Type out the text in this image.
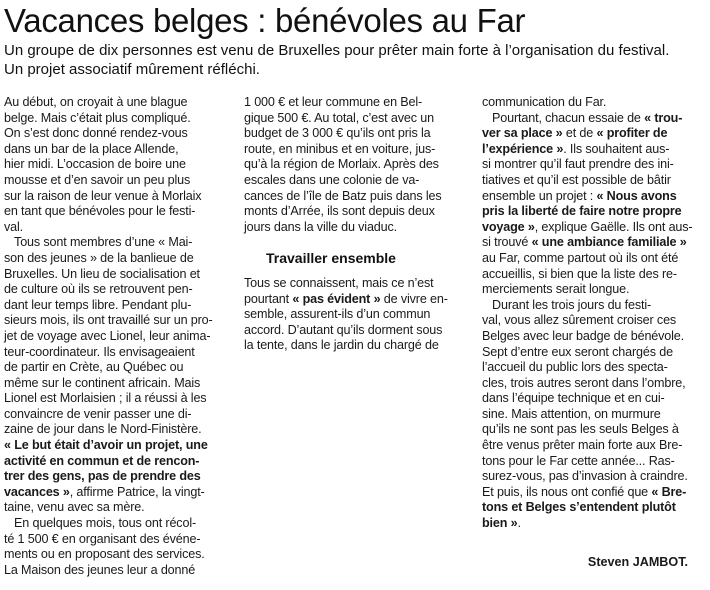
Vacances belges : bénévoles au Far
Un groupe de dix personnes est venu de Bruxelles pour prêter main forte à l’organisation du festival.
Un projet associatif mûrement réfléchi.
Au début, on croyait à une blague
belge. Mais c’était plus compliqué.
On s’est donc donné rendez-vous
dans un bar de la place Allende,
hier midi. L’occasion de boire une
mousse et d’en savoir un peu plus
sur la raison de leur venue à Morlaix
en tant que bénévoles pour le festi-
val.
Tous sont membres d’une « Mai-
son des jeunes » de la banlieue de
Bruxelles. Un lieu de socialisation et
de culture où ils se retrouvent pen-
dant leur temps libre. Pendant plu-
sieurs mois, ils ont travaillé sur un pro-
jet de voyage avec Lionel, leur anima-
teur-coordinateur. Ils envisageaient
de partir en Crète, au Québec ou
même sur le continent africain. Mais
Lionel est Morlaisien ; il a réussi à les
convaincre de venir passer une di-
zaine de jour dans le Nord-Finistère.
« Le but était d’avoir un projet, une
activité en commun et de rencon-
trer des gens, pas de prendre des
vacances », affirme Patrice, la vingt-
taine, venu avec sa mère.
En quelques mois, tous ont récol-
té 1 500 € en organisant des événe-
ments ou en proposant des services.
La Maison des jeunes leur a donné
1 000 € et leur commune en Bel-
gique 500 €. Au total, c’est avec un
budget de 3 000 € qu’ils ont pris la
route, en minibus et en voiture, jus-
qu’à la région de Morlaix. Après des
escales dans une colonie de va-
cances de l’île de Batz puis dans les
monts d’Arrée, ils sont depuis deux
jours dans la ville du viaduc.
Travailler ensemble
Tous se connaissent, mais ce n’est
pourtant « pas évident » de vivre en-
semble, assurent-ils d’un commun
accord. D’autant qu’ils dorment sous
la tente, dans le jardin du chargé de
communication du Far.
Pourtant, chacun essaie de « trou-
ver sa place » et de « profiter de
l’expérience ». Ils souhaitent aus-
si montrer qu’il faut prendre des ini-
tiatives et qu’il est possible de bâtir
ensemble un projet : « Nous avons
pris la liberté de faire notre propre
voyage », explique Gaëlle. Ils ont aus-
si trouvé « une ambiance familiale »
au Far, comme partout où ils ont été
accueillis, si bien que la liste des re-
merciements serait longue.
Durant les trois jours du festi-
val, vous allez sûrement croiser ces
Belges avec leur badge de bénévole.
Sept d’entre eux seront chargés de
l’accueil du public lors des specta-
cles, trois autres seront dans l’ombre,
dans l’équipe technique et en cui-
sine. Mais attention, on murmure
qu’ils ne sont pas les seuls Belges à
être venus prêter main forte aux Bre-
tons pour le Far cette année... Ras-
surez-vous, pas d’invasion à craindre.
Et puis, ils nous ont confié que « Bre-
tons et Belges s’entendent plutôt
bien ».
Steven JAMBOT.
